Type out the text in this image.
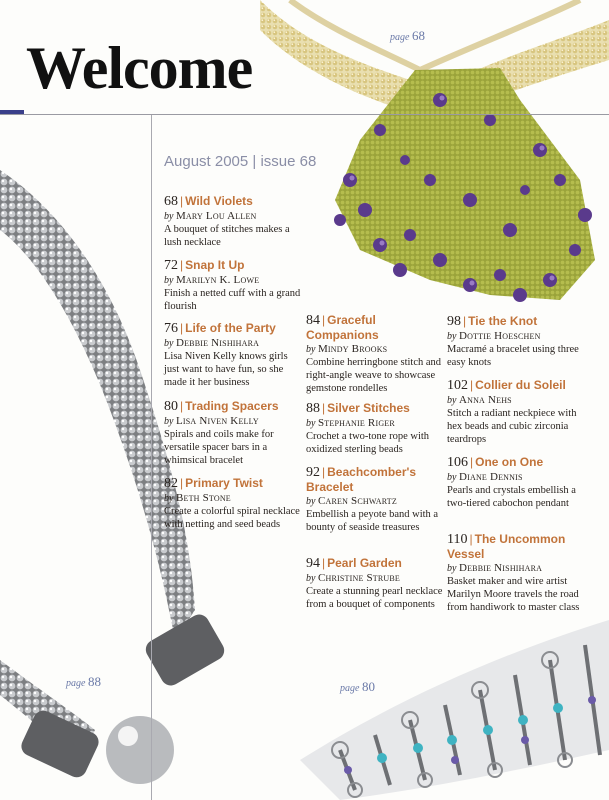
Welcome

August 2005 | issue 68

68 | Wild Violets

by Mary Lou Allen

A bouquet of stitches makes a lush necklace

72 | Snap It Up

by Marilyn K. Lowe

Finish a netted cuff with a grand flourish

76 | Life of the Party

by Debbie Nishihara

Lisa Niven Kelly knows girls just want to have fun, so she made it her business

80 | Trading Spacers

by Lisa Niven Kelly

Spirals and coils make for versatile spacer bars in a whimsical bracelet

82 | Primary Twist

by Beth Stone

Create a colorful spiral necklace with netting and seed beads

84 | Graceful
Companions

by Mindy Brooks

Combine herringbone stitch and right-angle weave to showcase gemstone rondelles

88 | Silver Stitches

by Stephanie Riger

Crochet a two-tone rope with oxidized sterling beads

92 | Beachcomber's
Bracelet

by Caren Schwartz

Embellish a peyote band with a bounty of seaside treasures

94 | Pearl Garden

by Christine Strube

Create a stunning pearl necklace from a bouquet of components

98 | Tie the Knot

by Dottie Hoeschen

Macramé a bracelet using three easy knots

102 | Collier du Soleil

by Anna Nehs

Stitch a radiant neckpiece with hex beads and cubic zirconia teardrops

106 | One on One

by Diane Dennis

Pearls and crystals embellish a two-tiered cabochon pendant

110 | The Uncommon
Vessel

by Debbie Nishihara

Basket maker and wire artist Marilyn Moore travels the road from handiwork to master class

page 68

page 88	page 80
